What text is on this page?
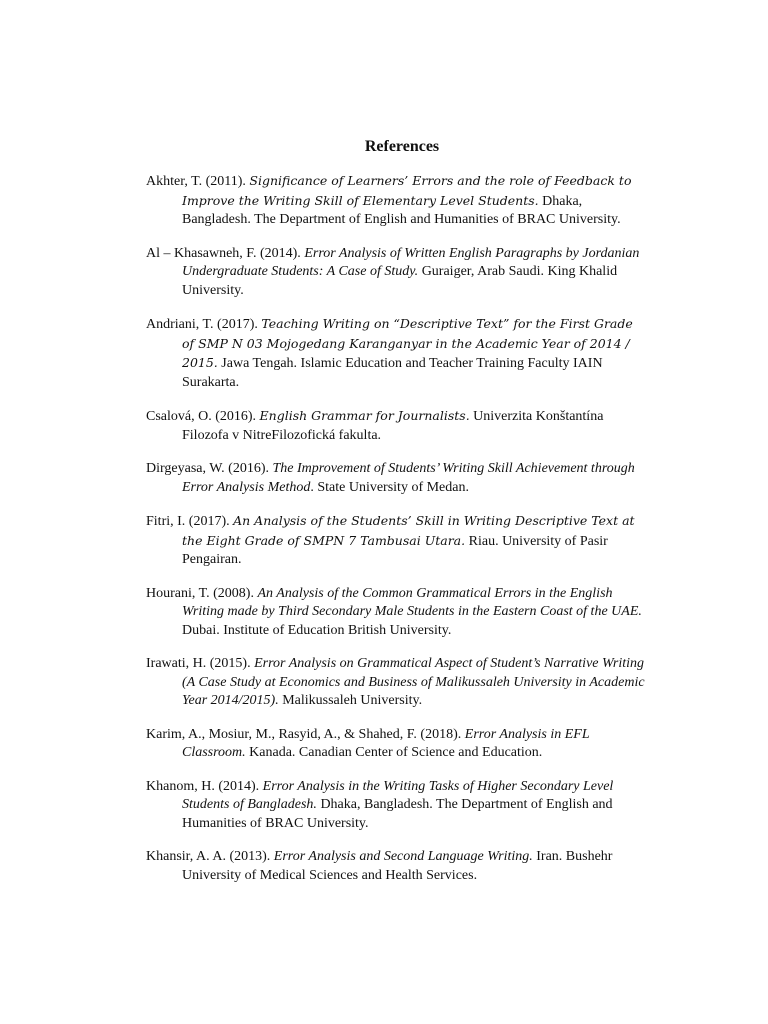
References
Akhter, T. (2011). Significance of Learners’ Errors and the role of Feedback to Improve the Writing Skill of Elementary Level Students. Dhaka, Bangladesh. The Department of English and Humanities of BRAC University.
Al – Khasawneh, F. (2014). Error Analysis of Written English Paragraphs by Jordanian Undergraduate Students: A Case of Study. Guraiger, Arab Saudi. King Khalid University.
Andriani, T. (2017). Teaching Writing on “Descriptive Text” for the First Grade of SMP N 03 Mojogedang Karanganyar in the Academic Year of 2014 / 2015. Jawa Tengah. Islamic Education and Teacher Training Faculty IAIN Surakarta.
Csalová, O. (2016). English Grammar for Journalists. Univerzita Konštantína Filozofa v NitreFilozofická fakulta.
Dirgeyasa, W. (2016). The Improvement of Students’ Writing Skill Achievement through Error Analysis Method. State University of Medan.
Fitri, I. (2017). An Analysis of the Students’ Skill in Writing Descriptive Text at the Eight Grade of SMPN 7 Tambusai Utara. Riau. University of Pasir Pengairan.
Hourani, T. (2008). An Analysis of the Common Grammatical Errors in the English Writing made by Third Secondary Male Students in the Eastern Coast of the UAE. Dubai. Institute of Education British University.
Irawati, H. (2015). Error Analysis on Grammatical Aspect of Student’s Narrative Writing (A Case Study at Economics and Business of Malikussaleh University in Academic Year 2014/2015). Malikussaleh University.
Karim, A., Mosiur, M., Rasyid, A., & Shahed, F. (2018). Error Analysis in EFL Classroom. Kanada. Canadian Center of Science and Education.
Khanom, H. (2014). Error Analysis in the Writing Tasks of Higher Secondary Level Students of Bangladesh. Dhaka, Bangladesh. The Department of English and Humanities of BRAC University.
Khansir, A. A. (2013). Error Analysis and Second Language Writing. Iran. Bushehr University of Medical Sciences and Health Services.
